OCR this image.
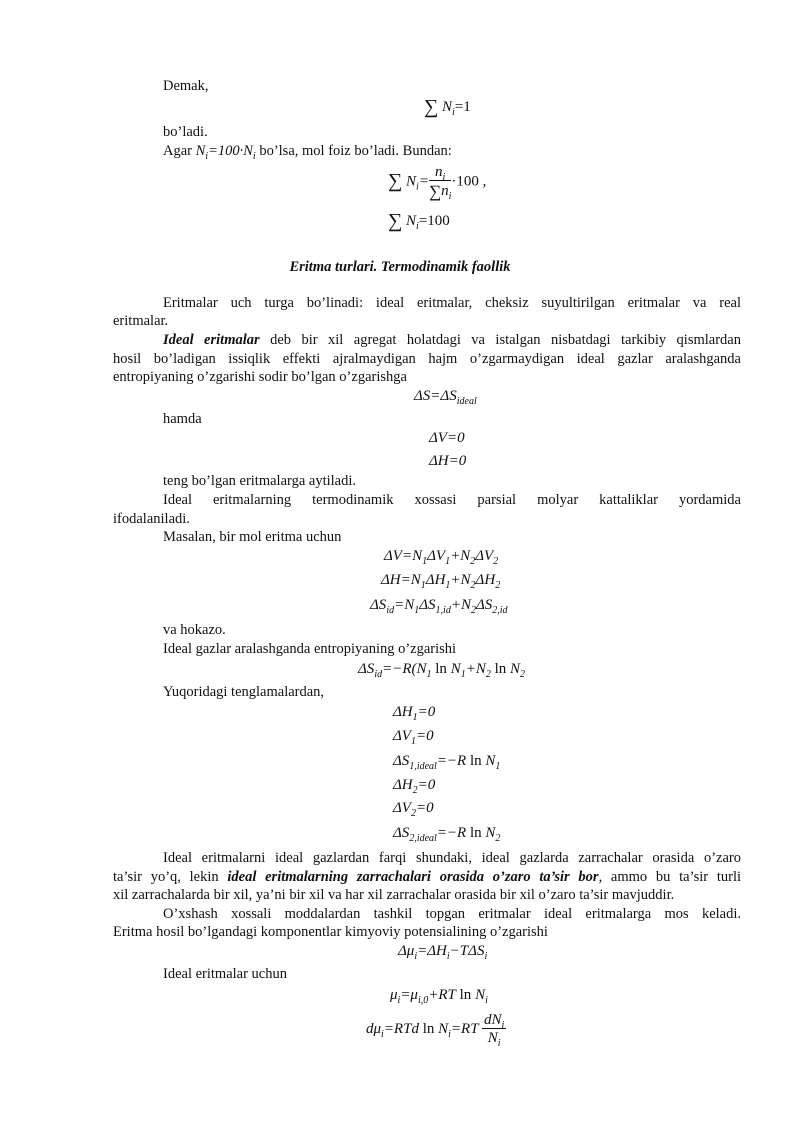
Demak,
∑ $N_i=1$
bo’ladi.
Agar $N_i=100\cdot N_i$ bo’lsa, mol foiz bo’ladi. Bundan:
∑ $N_i= \frac{n_i}{\sum n_i} \cdot 100$ ,
∑ $N_i=100$
Eritma turlari. Termodinamik faollik
Eritmalar uch turga bo’linadi: ideal eritmalar, cheksiz suyultirilgan eritmalar va real
eritmalar.
Ideal eritmalar deb bir xil agregat holatdagi va istalgan nisbatdagi tarkibiy qismlardan
hosil bo’ladigan issiqlik effekti ajralmaydigan hajm o’zgarmaydigan ideal gazlar aralashganda
entropiyaning o’zgarishi sodir bo’lgan o’zgarishga
$\Delta S=\Delta S_{ideal}$
hamda
ΔV=0
ΔH=0
teng bo’lgan eritmalarga aytiladi.
Ideal eritmalarning termodinamik xossasi parsial molyar kattaliklar yordamida
ifodalaniladi.
Masalan, bir mol eritma uchun
$\Delta V=N_1\Delta V_1+N_2\Delta V_2$
$\Delta H=N_1\Delta H_1+N_2\Delta H_2$
$\Delta S_{id}=N_1\Delta S_{1,id}+N_2\Delta S_{2,id}$
va hokazo.
Ideal gazlar aralashganda entropiyaning o’zgarishi
$\Delta S_{id}=-R(N_1$ $\ln N_1+N_2$ $\ln N_2$
Yuqoridagi tenglamalardan,
$\Delta H_1=0$
$\Delta V_1=0$
$\Delta S_{1,ideal}=-R$ $\ln N_1$
$\Delta H_2=0$
$\Delta V_2=0$
$\Delta S_{2,ideal}=-R$ $\ln N_2$
Ideal eritmalarni ideal gazlardan farqi shundaki, ideal gazlarda zarrachalar orasida o’zaro
ta’sir yo’q, lekin ideal eritmalarning zarrachalari orasida o’zaro ta’sir bor, ammo bu ta’sir turli
xil zarrachalarda bir xil, ya’ni bir xil va har xil zarrachalar orasida bir xil o’zaro ta’sir mavjuddir.
O’xshash xossali moddalardan tashkil topgan eritmalar ideal eritmalarga mos keladi.
Eritma hosil bo’lgandagi komponentlar kimyoviy potensialining o’zgarishi
$\Delta\mu_i=\Delta H_i-T\Delta S_i$
Ideal eritmalar uchun
$\mu_i=\mu_{i,0}+RT$ $\ln N_i$
$d\mu_i=RTd$ $\ln N_i=RT \frac{dN_i}{N_i}$
